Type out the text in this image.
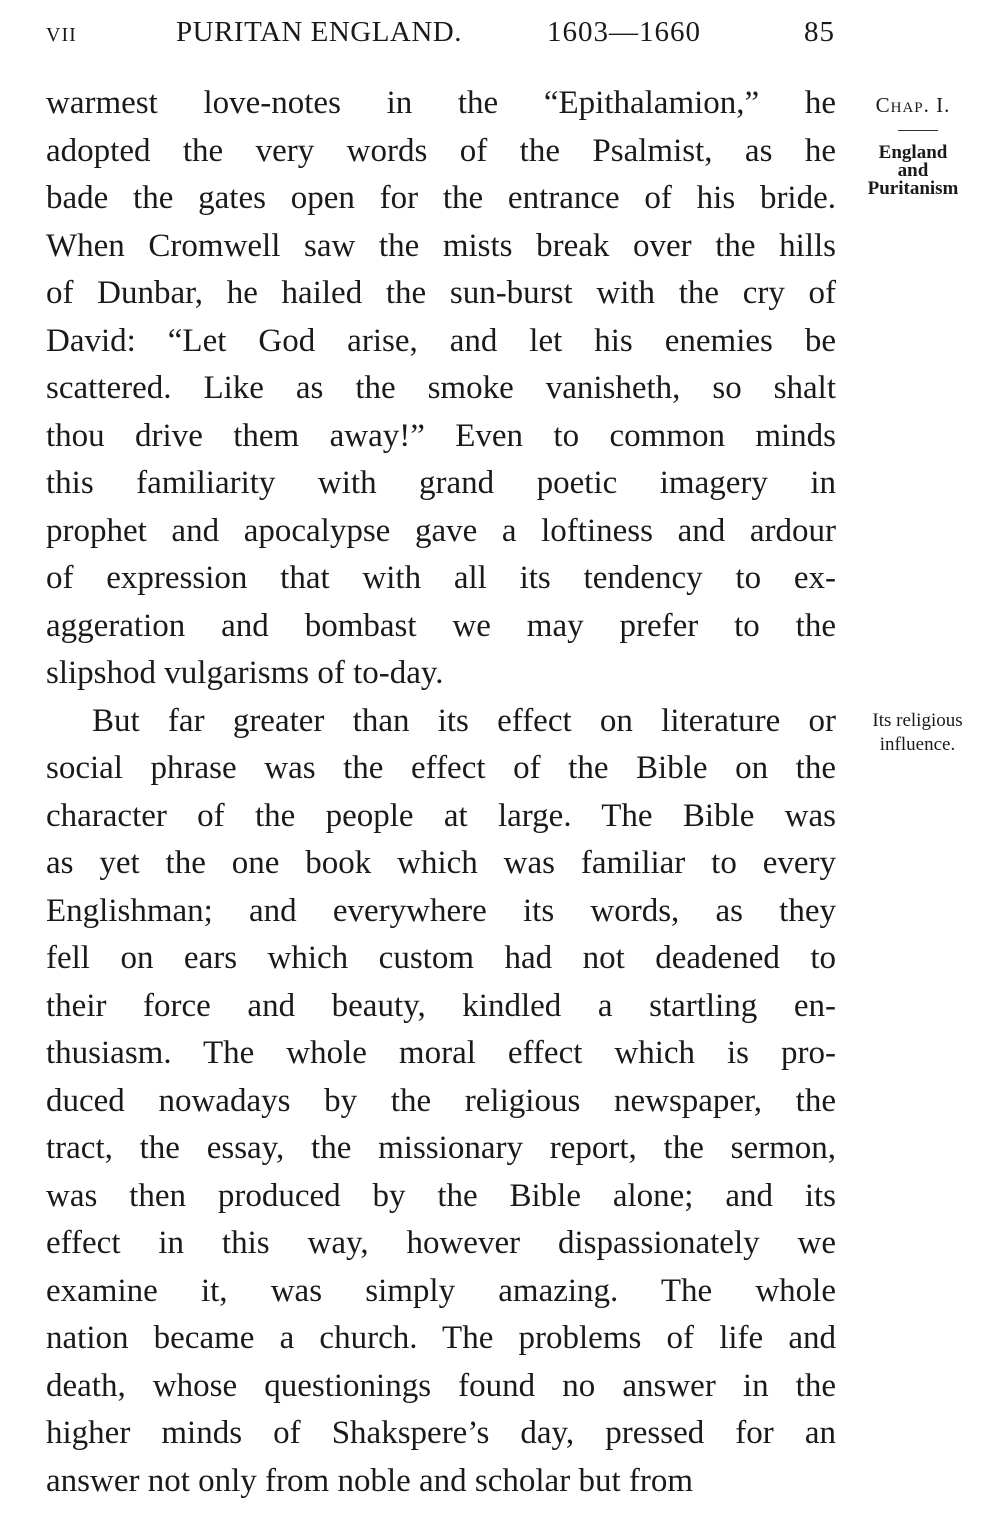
vii	PURITAN ENGLAND.	1603—1660	85
Chap. I.
England
and
Puritanism
Its religious
influence.
warmest love-notes in the “Epithalamion,” he
adopted the very words of the Psalmist, as he
bade the gates open for the entrance of his bride.
When Cromwell saw the mists break over the hills
of Dunbar, he hailed the sun-burst with the cry of
David: “Let God arise, and let his enemies be
scattered. Like as the smoke vanisheth, so shalt
thou drive them away!” Even to common minds
this familiarity with grand poetic imagery in
prophet and apocalypse gave a loftiness and ardour
of expression that with all its tendency to ex-
aggeration and bombast we may prefer to the
slipshod vulgarisms of to-day.
But far greater than its effect on literature or
social phrase was the effect of the Bible on the
character of the people at large. The Bible was
as yet the one book which was familiar to every
Englishman; and everywhere its words, as they
fell on ears which custom had not deadened to
their force and beauty, kindled a startling en-
thusiasm. The whole moral effect which is pro-
duced nowadays by the religious newspaper, the
tract, the essay, the missionary report, the sermon,
was then produced by the Bible alone; and its
effect in this way, however dispassionately we
examine it, was simply amazing. The whole
nation became a church. The problems of life and
death, whose questionings found no answer in the
higher minds of Shakspere’s day, pressed for an
answer not only from noble and scholar but from
